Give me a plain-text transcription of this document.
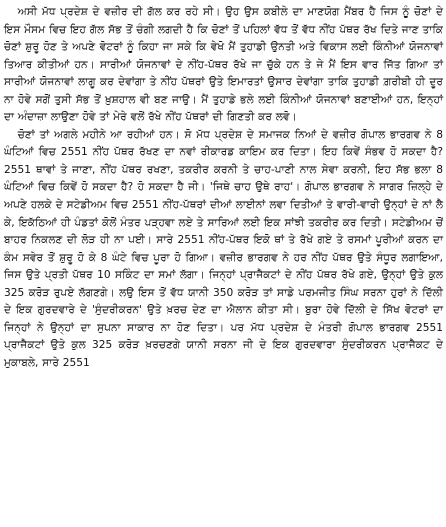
ਅਸੀ ਮੱਧ ਪ੍ਰਦੇਸ਼ ਦੇ ਵਜ਼ੀਰ ਦੀ ਗੱਲ ਕਰ ਰਹੇ ਸੀ। ਉਹ ਉਸ ਕਬੀਲੇ ਦਾ ਮਾਣਯੋਗ ਮੈਂਬਰ ਹੈ ਜਿਸ ਨੂੰ ਚੋਣਾਂ ਦੇ ਇਸ ਮੌਸਮ ਵਿਚ ਇਹ ਗੱਲ ਸੱਭ ਤੋਂ ਚੰਗੀ ਲਗਦੀ ਹੈ ਕਿ ਚੋਣਾਂ ਤੋਂ ਪਹਿਲਾਂ ਵੱਧ ਤੋਂ ਵੱਧ ਨੀਂਹ ਪੱਥਰ ਰੱਖ ਦਿਤੇ ਜਾਣ ਤਾਕਿ ਚੋਣਾਂ ਸ਼ੁਰੂ ਹੋਣ ਤੇ ਅਪਣੇ ਵੋਟਰਾਂ ਨੂੰ ਕਿਹਾ ਜਾ ਸਕੇ ਕਿ ਵੇਖੋ ਮੈਂ ਤੁਹਾਡੀ ਉਨਤੀ ਅਤੇ ਵਿਕਾਸ ਲਈ ਕਿੰਨੀਆਂ ਯੋਜਨਾਵਾਂ ਤਿਆਰ ਕੀਤੀਆਂ ਹਨ। ਸਾਰੀਆਂ ਯੋਜਨਾਵਾਂ ਦੇ ਨੀਂਹ-ਪੱਥਰ ਰੱਖੇ ਜਾ ਚੁੱਕੇ ਹਨ ਤੇ ਜੇ ਮੈਂ ਇਸ ਵਾਰ ਜਿੱਤ ਗਿਆ ਤਾਂ ਸਾਰੀਆਂ ਯੋਜਨਾਵਾਂ ਲਾਗੂ ਕਰ ਦੇਵਾਂਗਾ ਤੇ ਨੀਂਹ ਪੱਥਰਾਂ ਉਤੇ ਇਮਾਰਤਾਂ ਉਸਾਰ ਦੇਵਾਂਗਾ ਤਾਕਿ ਤੁਹਾਡੀ ਗ਼ਰੀਬੀ ਹੀ ਦੂਰ ਨਾ ਹੋਵੇ ਸਗੋਂ ਤੁਸੀ ਸੱਭ ਤੋਂ ਖ਼ੁਸ਼ਹਾਲ ਵੀ ਬਣ ਜਾਉ। ਮੈਂ ਤੁਹਾਡੇ ਭਲੇ ਲਈ ਕਿੰਨੀਆਂ ਯੋਜਨਾਵਾਂ ਬਣਾਈਆਂ ਹਨ, ਇਨ੍ਹਾਂ ਦਾ ਅੰਦਾਜ਼ਾ ਲਾਉਣਾ ਹੋਵੇ ਤਾਂ ਮੇਰੇ ਵਲੋਂ ਰੱਖੇ ਨੀਂਹ ਪੱਥਰਾਂ ਦੀ ਗਿਣਤੀ ਕਰ ਲਵੋ।

ਚੋਣਾਂ ਤਾਂ ਅਗਲੇ ਮਹੀਨੇ ਆ ਰਹੀਆਂ ਹਨ। ਸੋ ਮੱਧ ਪ੍ਰਦੇਸ਼ ਦੇ ਸਮਾਜਕ ਨਿਆਂ ਦੇ ਵਜ਼ੀਰ ਗੋਪਾਲ ਭਾਰਗਵ ਨੇ 8 ਘੰਟਿਆਂ ਵਿਚ 2551 ਨੀਂਹ ਪੱਥਰ ਰੱਖਣ ਦਾ ਨਵਾਂ ਰੀਕਾਰਡ ਕਾਇਮ ਕਰ ਦਿਤਾ। ਇਹ ਕਿਵੇਂ ਸੰਭਵ ਹੋ ਸਕਦਾ ਹੈ? 2551 ਥਾਵਾਂ ਤੇ ਜਾਣਾ, ਨੀਂਹ ਪੱਥਰ ਰਖਣਾ, ਤਕਰੀਰ ਕਰਨੀ ਤੇ ਚਾਹ-ਪਾਣੀ ਨਾਲ ਸੇਵਾ ਕਰਨੀ, ਇਹ ਸੱਭ ਭਲਾ 8 ਘੰਟਿਆਂ ਵਿਚ ਕਿਵੇਂ ਹੋ ਸਕਦਾ ਹੈ? ਹੋ ਸਕਦਾ ਹੈ ਜੀ। 'ਜਿਥੇ ਚਾਹ ਉਥੇ ਰਾਹ'। ਗੋਪਾਲ ਭਾਰਗਵ ਨੇ ਸਾਗਰ ਜ਼ਿਲ੍ਹੇ ਦੇ ਅਪਣੇ ਹਲਕੇ ਦੇ ਸਟੇਡੀਅਮ ਵਿਚ 2551 ਨੀਂਹ-ਪੱਥਰਾਂ ਦੀਆਂ ਲਾਈਨਾਂ ਲਵਾ ਦਿਤੀਆਂ ਤੇ ਵਾਰੀ-ਵਾਰੀ ਉਨ੍ਹਾਂ ਦੇ ਨਾਂ ਲੈ ਕੇ, ਇਕੱਠਿਆਂ ਹੀ ਪੰਡਤਾਂ ਕੋਲੋਂ ਮੰਤਰ ਪੜ੍ਹਵਾ ਲਏ ਤੇ ਸਾਰਿਆਂ ਲਈ ਇਕ ਸਾਂਝੀ ਤਕਰੀਰ ਕਰ ਦਿਤੀ। ਸਟੇਡੀਅਮ ਚੋਂ ਬਾਹਰ ਨਿਕਲਣ ਦੀ ਲੋੜ ਹੀ ਨਾ ਪਈ। ਸਾਰੇ 2551 ਨੀਂਹ-ਪੱਥਰ ਇਕੋ ਥਾਂ ਤੇ ਰੱਖੇ ਗਏ ਤੇ ਰਸਮਾਂ ਪੂਰੀਆਂ ਕਰਨ ਦਾ ਕੰਮ ਸਵੇਰ ਤੋਂ ਸ਼ੁਰੂ ਹੋ ਕੇ 8 ਘੰਟੇ ਵਿਚ ਪੂਰਾ ਹੋ ਗਿਆ। ਵਜ਼ੀਰ ਭਾਰਗਵ ਨੇ ਹਰ ਨੀਂਹ ਪੱਥਰ ਉਤੇ ਸੰਧੂਰ ਲਗਾਇਆ, ਜਿਸ ਉਤੇ ਪ੍ਰਤੀ ਪੱਥਰ 10 ਸਕਿੰਟ ਦਾ ਸਮਾਂ ਲੱਗਾ। ਜਿਨ੍ਹਾਂ ਪ੍ਰਾਜੈਕਟਾਂ ਦੇ ਨੀਂਹ ਪੱਥਰ ਰੱਖੇ ਗਏ, ਉਨ੍ਹਾਂ ਉਤੇ ਕੁਲ 325 ਕਰੋੜ ਰੁਪਏ ਲੱਗਣਗੇ। ਲਉ ਇਸ ਤੋਂ ਵੱਧ ਯਾਨੀ 350 ਕਰੋੜ ਤਾਂ ਸਾਡੇ ਪਰਮਜੀਤ ਸਿੰਘ ਸਰਨਾ ਹੁਰਾਂ ਨੇ ਦਿੱਲੀ ਦੇ ਇਕ ਗੁਰਦਵਾਰੇ ਦੇ 'ਸੁੰਦਰੀਕਰਨ' ਉਤੇ ਖ਼ਰਚ ਦੇਣ ਦਾ ਐਲਾਨ ਕੀਤਾ ਸੀ। ਬੁਰਾ ਹੋਵੇ ਦਿੱਲੀ ਦੇ ਸਿੱਖ ਵੋਟਰਾਂ ਦਾ ਜਿਨ੍ਹਾਂ ਨੇ ਉਨ੍ਹਾਂ ਦਾ ਸੁਪਨਾ ਸਾਕਾਰ ਨਾ ਹੋਣ ਦਿਤਾ। ਪਰ ਮੱਧ ਪ੍ਰਦੇਸ਼ ਦੇ ਮੰਤਰੀ ਗੋਪਾਲ ਭਾਰਗਵ 2551 ਪ੍ਰਾਜੈਕਟਾਂ ਉਤੇ ਕੁਲ 325 ਕਰੋੜ ਖ਼ਰਚਣਗੇ ਯਾਨੀ ਸਰਨਾ ਜੀ ਦੇ ਇਕ ਗੁਰਦਵਾਰਾ ਸੁੰਦਰੀਕਰਨ ਪ੍ਰਾਜੈਕਟ ਦੇ ਮੁਕਾਬਲੇ, ਸਾਰੇ 2551
